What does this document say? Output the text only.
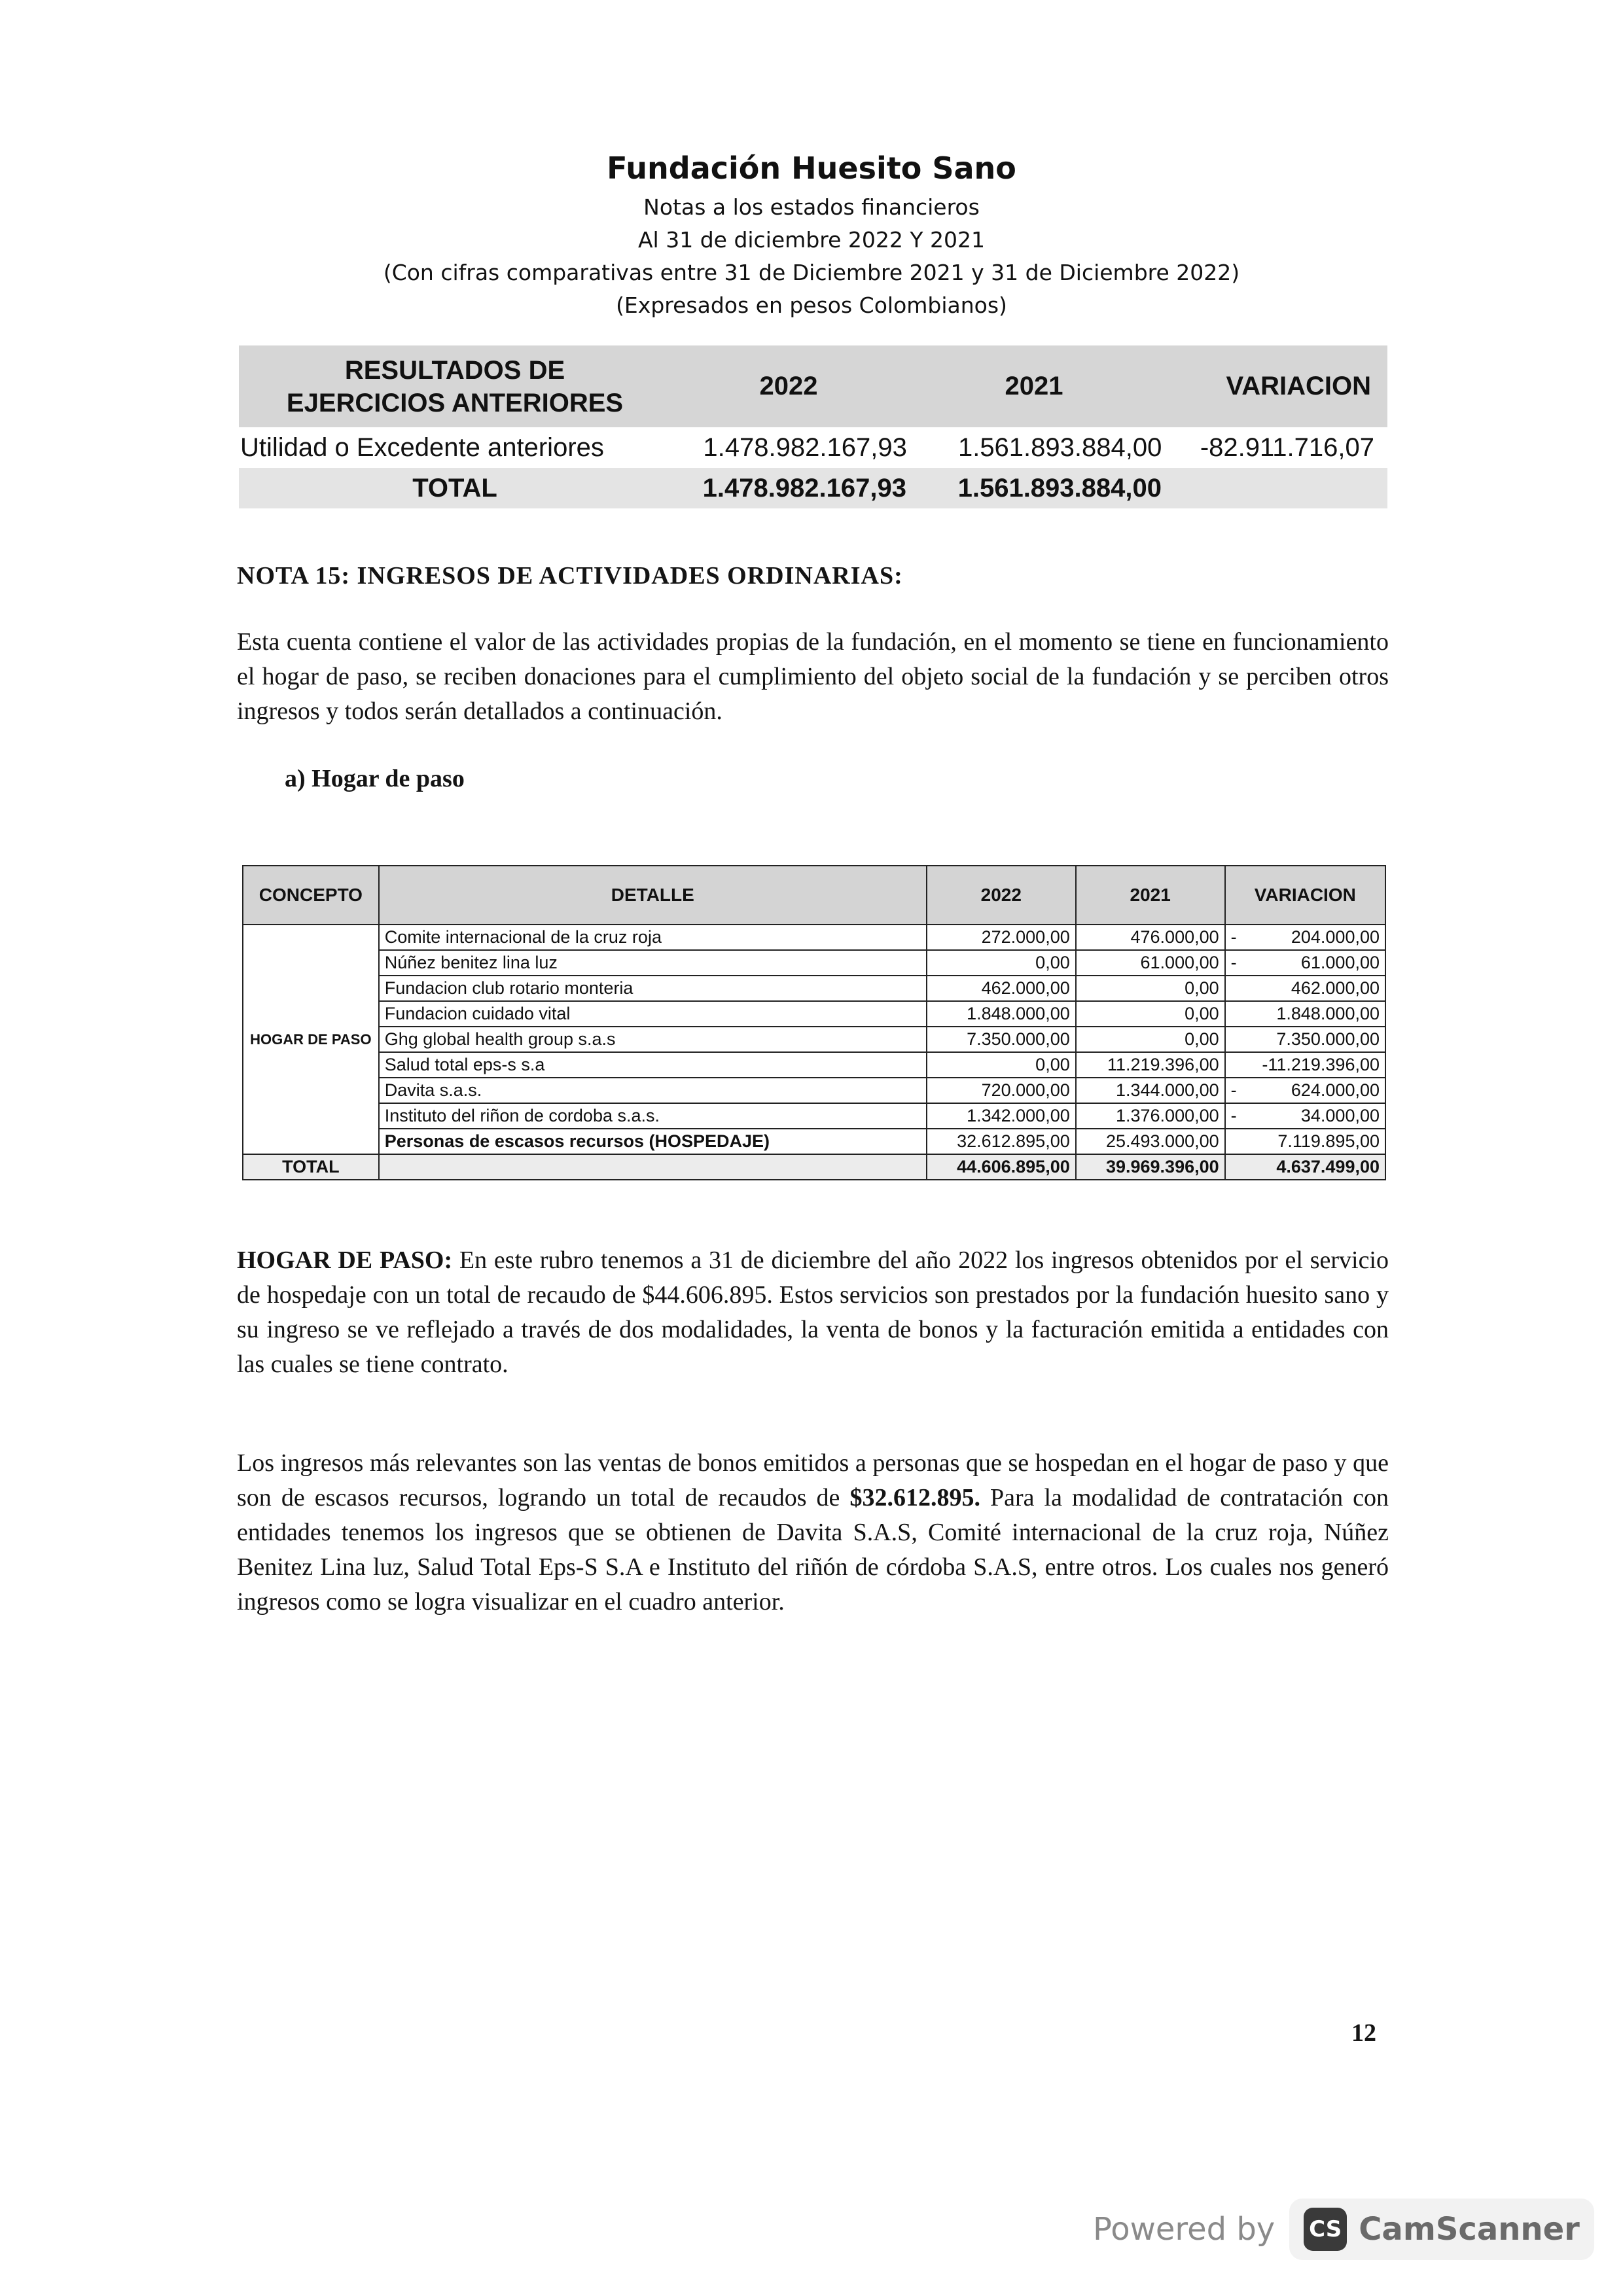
Fundación Huesito Sano
Notas a los estados financieros
Al 31 de diciembre 2022 Y 2021
(Con cifras comparativas entre 31 de Diciembre 2021 y 31 de Diciembre 2022)
(Expresados en pesos Colombianos)
RESULTADOS DE
EJERCICIOS ANTERIORES
2022	2021	VARIACION
Utilidad o Excedente anteriores	1.478.982.167,93	1.561.893.884,00	-82.911.716,07
TOTAL	1.478.982.167,93	1.561.893.884,00
NOTA 15: INGRESOS DE ACTIVIDADES ORDINARIAS:
Esta cuenta contiene el valor de las actividades propias de la fundación, en el momento se tiene en funcionamiento el hogar de paso, se reciben donaciones para el cumplimiento del objeto social de la fundación y se perciben otros ingresos y todos serán detallados a continuación.
a) Hogar de paso
CONCEPTO	DETALLE	2022	2021	VARIACION
HOGAR DE PASO	Comite internacional de la cruz roja	272.000,00	476.000,00	- 204.000,00
	Núñez benitez lina luz	0,00	61.000,00	- 61.000,00
	Fundacion club rotario monteria	462.000,00	0,00	462.000,00
	Fundacion cuidado vital	1.848.000,00	0,00	1.848.000,00
	Ghg global health group s.a.s	7.350.000,00	0,00	7.350.000,00
	Salud total eps-s s.a	0,00	11.219.396,00	-11.219.396,00
	Davita s.a.s.	720.000,00	1.344.000,00	- 624.000,00
	Instituto del riñon de cordoba s.a.s.	1.342.000,00	1.376.000,00	- 34.000,00
	Personas de escasos recursos (HOSPEDAJE)	32.612.895,00	25.493.000,00	7.119.895,00
TOTAL		44.606.895,00	39.969.396,00	4.637.499,00
HOGAR DE PASO: En este rubro tenemos a 31 de diciembre del año 2022 los ingresos obtenidos por el servicio de hospedaje con un total de recaudo de $44.606.895. Estos servicios son prestados por la fundación huesito sano y su ingreso se ve reflejado a través de dos modalidades, la venta de bonos y la facturación emitida a entidades con las cuales se tiene contrato.
Los ingresos más relevantes son las ventas de bonos emitidos a personas que se hospedan en el hogar de paso y que son de escasos recursos, logrando un total de recaudos de $32.612.895. Para la modalidad de contratación con entidades tenemos los ingresos que se obtienen de Davita S.A.S, Comité internacional de la cruz roja, Núñez Benitez Lina luz, Salud Total Eps-S S.A e Instituto del riñón de córdoba S.A.S, entre otros. Los cuales nos generó ingresos como se logra visualizar en el cuadro anterior.
12
Powered by CS CamScanner
